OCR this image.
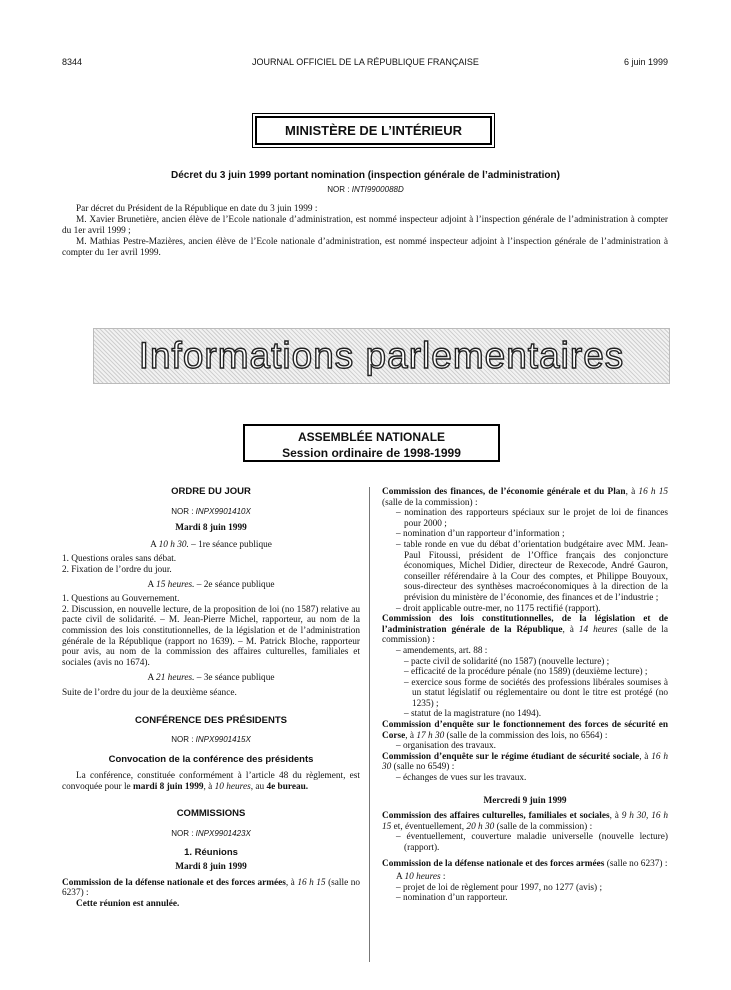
8344	JOURNAL OFFICIEL DE LA RÉPUBLIQUE FRANÇAISE	6 juin 1999
MINISTÈRE DE L’INTÉRIEUR
Décret du 3 juin 1999 portant nomination (inspection générale de l’administration)
NOR : INTI9900088D
Par décret du Président de la République en date du 3 juin 1999 :
M. Xavier Brunetière, ancien élève de l’Ecole nationale d’administration, est nommé inspecteur adjoint à l’inspection générale de l’administration à compter du 1er avril 1999 ;
M. Mathias Pestre-Mazières, ancien élève de l’Ecole nationale d’administration, est nommé inspecteur adjoint à l’inspection générale de l’administration à compter du 1er avril 1999.
Informations parlementaires
ASSEMBLÉE NATIONALE
Session ordinaire de 1998-1999
ORDRE DU JOUR
NOR : INPX9901410X
Mardi 8 juin 1999
A 10 h 30. – 1re séance publique

1. Questions orales sans débat.

2. Fixation de l’ordre du jour.

A 15 heures. – 2e séance publique

1. Questions au Gouvernement.

2. Discussion, en nouvelle lecture, de la proposition de loi (no 1587) relative au pacte civil de solidarité. – M. Jean-Pierre Michel, rapporteur, au nom de la commission des lois constitutionnelles, de la législation et de l’administration générale de la République (rapport no 1639). – M. Patrick Bloche, rapporteur pour avis, au nom de la commission des affaires culturelles, familiales et sociales (avis no 1674).

A 21 heures. – 3e séance publique

Suite de l’ordre du jour de la deuxième séance.

CONFÉRENCE DES PRÉSIDENTS
NOR : INPX9901415X
Convocation de la conférence des présidents

La conférence, constituée conformément à l’article 48 du règlement, est convoquée pour le mardi 8 juin 1999, à 10 heures, au 4e bureau.

COMMISSIONS
NOR : INPX9901423X
1. Réunions
Mardi 8 juin 1999

Commission de la défense nationale et des forces armées, à 16 h 15 (salle no 6237) :

Cette réunion est annulée.

Commission des finances, de l’économie générale et du Plan, à 16 h 15 (salle de la commission) :

– nomination des rapporteurs spéciaux sur le projet de loi de finances pour 2000 ;

– nomination d’un rapporteur d’information ;

– table ronde en vue du débat d’orientation budgétaire avec MM. Jean-Paul Fitoussi, président de l’Office français des conjoncture économiques, Michel Didier, directeur de Rexecode, André Gauron, conseiller référendaire à la Cour des comptes, et Philippe Bouyoux, sous-directeur des synthèses macroéconomiques à la direction de la prévision du ministère de l’économie, des finances et de l’industrie ;

– droit applicable outre-mer, no 1175 rectifié (rapport).

Commission des lois constitutionnelles, de la législation et de l’administration générale de la République, à 14 heures (salle de la commission) :

– amendements, art. 88 :

– pacte civil de solidarité (no 1587) (nouvelle lecture) ;

– efficacité de la procédure pénale (no 1589) (deuxième lecture) ;

– exercice sous forme de sociétés des professions libérales soumises à un statut législatif ou réglementaire ou dont le titre est protégé (no 1235) ;

– statut de la magistrature (no 1494).

Commission d’enquête sur le fonctionnement des forces de sécurité en Corse, à 17 h 30 (salle de la commission des lois, no 6564) :

– organisation des travaux.

Commission d’enquête sur le régime étudiant de sécurité sociale, à 16 h 30 (salle no 6549) :

– échanges de vues sur les travaux.

Mercredi 9 juin 1999

Commission des affaires culturelles, familiales et sociales, à 9 h 30, 16 h 15 et, éventuellement, 20 h 30 (salle de la commission) :

– éventuellement, couverture maladie universelle (nouvelle lecture) (rapport).

Commission de la défense nationale et des forces armées (salle no 6237) :

A 10 heures :

– projet de loi de règlement pour 1997, no 1277 (avis) ;

– nomination d’un rapporteur.
